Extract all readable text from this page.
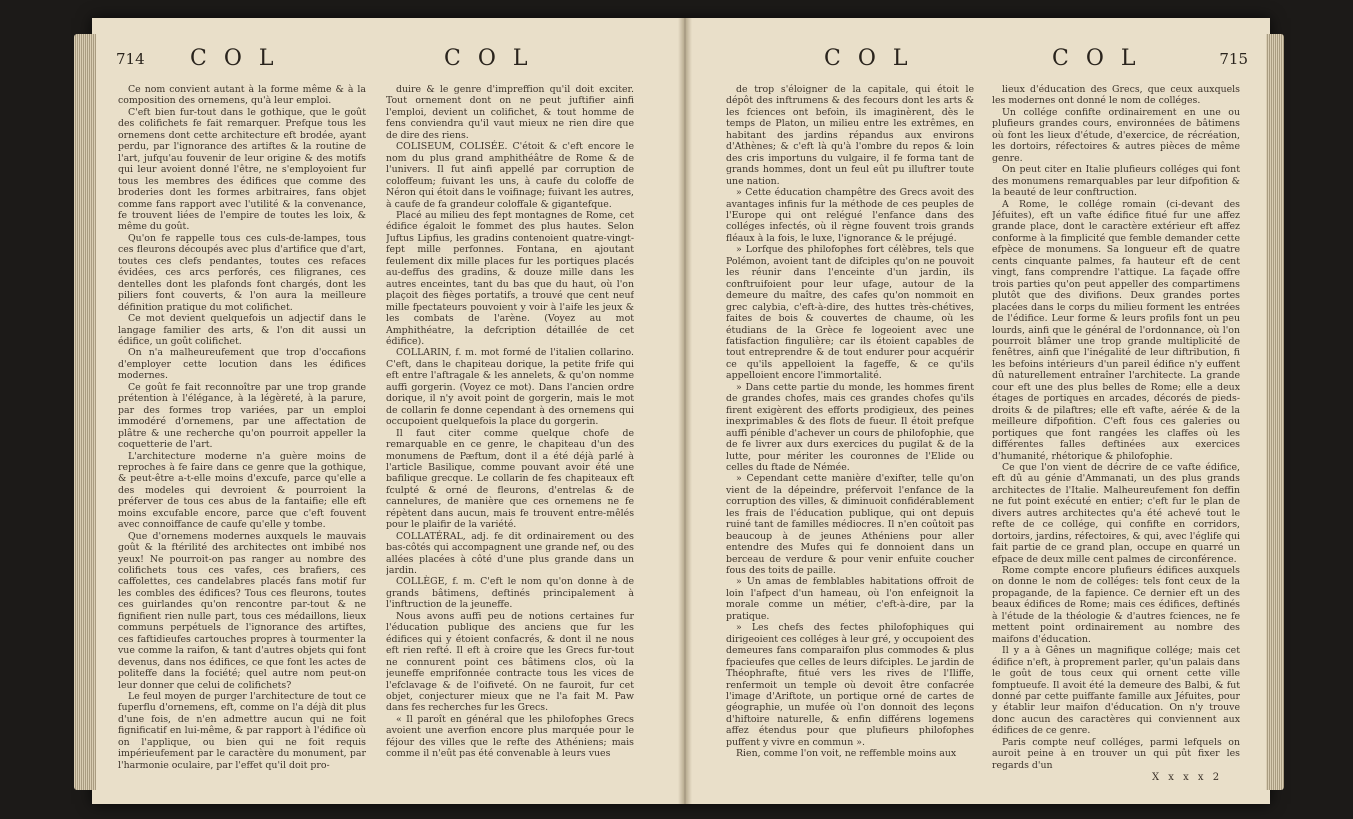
714 C O L	C O L

Ce nom convient autant à la forme même & à la composition des ornemens, qu'à leur emploi.

C'eft bien fur-tout dans le gothique, que le goût des colifichets fe fait remarquer. Prefque tous les ornemens dont cette architecture eft brodée, ayant perdu, par l'ignorance des artiftes & la routine de l'art, jufqu'au fouvenir de leur origine & des motifs qui leur avoient donné l'être, ne s'employoient fur tous les membres des édifices que comme des broderies dont les formes arbitraires, fans objet comme fans rapport avec l'utilité & la convenance, fe trouvent liées de l'empire de toutes les loix, & même du goût.

Qu'on fe rappelle tous ces culs-de-lampes, tous ces fleurons découpés avec plus d'artifice que d'art, toutes ces clefs pendantes, toutes ces refaces évidées, ces arcs perforés, ces filigranes, ces dentelles dont les plafonds font chargés, dont les piliers font couverts, & l'on aura la meilleure définition pratique du mot colifichet.

Ce mot devient quelquefois un adjectif dans le langage familier des arts, & l'on dit aussi un édifice, un goût colifichet.

On n'a malheureufement que trop d'occafions d'employer cette locution dans les édifices modernes.

Ce goût fe fait reconnoître par une trop grande prétention à l'élégance, à la légèreté, à la parure, par des formes trop variées, par un emploi immodéré d'ornemens, par une affectation de plâtre & une recherche qu'on pourroit appeller la coquetterie de l'art.

L'architecture moderne n'a guère moins de reproches à fe faire dans ce genre que la gothique, & peut-être a-t-elle moins d'excufe, parce qu'elle a des modeles qui devroient & pourroient la préferver de tous ces abus de la fantaifie; elle eft moins excufable encore, parce que c'eft fouvent avec connoiffance de caufe qu'elle y tombe.

Que d'ornemens modernes auxquels le mauvais goût & la ftérilité des architectes ont imbibé nos yeux! Ne pourroit-on pas ranger au nombre des colifichets tous ces vafes, ces brafiers, ces caffolettes, ces candelabres placés fans motif fur les combles des édifices? Tous ces fleurons, toutes ces guirlandes qu'on rencontre par-tout & ne fignifient rien nulle part, tous ces médaillons, lieux communs perpétuels de l'ignorance des artiftes, ces faftidieufes cartouches propres à tourmenter la vue comme la raifon, & tant d'autres objets qui font devenus, dans nos édifices, ce que font les actes de politeffe dans la fociété; quel autre nom peut-on leur donner que celui de colifichets?

Le feul moyen de purger l'architecture de tout ce fuperflu d'ornemens, eft, comme on l'a déjà dit plus d'une fois, de n'en admettre aucun qui ne foit fignificatif en lui-même, & par rapport à l'édifice où on l'applique, ou bien qui ne foit requis impérieufement par le caractère du monument, par l'harmonie oculaire, par l'effet qu'il doit pro-

duire & le genre d'impreffion qu'il doit exciter. Tout ornement dont on ne peut juftifier ainfi l'emploi, devient un colifichet, & tout homme de fens conviendra qu'il vaut mieux ne rien dire que de dire des riens.

COLISEUM, COLISÉE. C'étoit & c'eft encore le nom du plus grand amphithéâtre de Rome & de l'univers. Il fut ainfi appellé par corruption de coloffeum; fuivant les uns, à caufe du coloffe de Néron qui étoit dans le voifinage; fuivant les autres, à caufe de fa grandeur coloffale & gigantefque.

Placé au milieu des fept montagnes de Rome, cet édifice égaloit le fommet des plus hautes. Selon Juftus Lipfius, les gradins contenoient quatre-vingt-fept mille perfonnes. Fontana, en ajoutant feulement dix mille places fur les portiques placés au-deffus des gradins, & douze mille dans les autres enceintes, tant du bas que du haut, où l'on plaçoit des fièges portatifs, a trouvé que cent neuf mille fpectateurs pouvoient y voir à l'aife les jeux & les combats de l'arène. (Voyez au mot Amphithéatre, la defcription détaillée de cet édifice).

COLLARIN, f. m. mot formé de l'italien collarino. C'eft, dans le chapiteau dorique, la petite frife qui eft entre l'aftragale & les annelets, & qu'on nomme auffi gorgerin. (Voyez ce mot). Dans l'ancien ordre dorique, il n'y avoit point de gorgerin, mais le mot de collarin fe donne cependant à des ornemens qui occupoient quelquefois la place du gorgerin.

Il faut citer comme quelque chofe de remarquable en ce genre, le chapiteau d'un des monumens de Pæftum, dont il a été déjà parlé à l'article Basilique, comme pouvant avoir été une bafilique grecque. Le collarin de fes chapiteaux eft fculpté & orné de fleurons, d'entrelas & de cannelures, de manière que ces ornemens ne fe répètent dans aucun, mais fe trouvent entre-mêlés pour le plaifir de la variété.

COLLATÉRAL, adj. fe dit ordinairement ou des bas-côtés qui accompagnent une grande nef, ou des allées placées à côté d'une plus grande dans un jardin.

COLLÈGE, f. m. C'eft le nom qu'on donne à de grands bâtimens, deftinés principalement à l'inftruction de la jeuneffe.

Nous avons auffi peu de notions certaines fur l'éducation publique des anciens que fur les édifices qui y étoient confacrés, & dont il ne nous eft rien refté. Il eft à croire que les Grecs fur-tout ne connurent point ces bâtimens clos, où la jeuneffe emprifonnée contracte tous les vices de l'efclavage & de l'oifiveté. On ne fauroit, fur cet objet, conjecturer mieux que ne l'a fait M. Paw dans fes recherches fur les Grecs.

« Il paroît en général que les philofophes Grecs avoient une averfion encore plus marquée pour le féjour des villes que le refte des Athéniens; mais comme il n'eût pas été convenable à leurs vues

C O L	C O L	715

de trop s'éloigner de la capitale, qui étoit le dépôt des inftrumens & des fecours dont les arts & les fciences ont befoin, ils imaginèrent, dès le temps de Platon, un milieu entre les extrêmes, en habitant des jardins répandus aux environs d'Athènes; & c'eft là qu'à l'ombre du repos & loin des cris importuns du vulgaire, il fe forma tant de grands hommes, dont un feul eût pu illuftrer toute une nation.

» Cette éducation champêtre des Grecs avoit des avantages infinis fur la méthode de ces peuples de l'Europe qui ont relégué l'enfance dans des colléges infectés, où il règne fouvent trois grands fléaux à la fois, le luxe, l'ignorance & le préjugé.

» Lorfque des philofophes fort célèbres, tels que Polémon, avoient tant de difciples qu'on ne pouvoit les réunir dans l'enceinte d'un jardin, ils conftruifoient pour leur ufage, autour de la demeure du maître, des cafes qu'on nommoit en grec calybia, c'eft-à-dire, des huttes très-chétives, faites de bois & couvertes de chaume, où les étudians de la Grèce fe logeoient avec une fatisfaction fingulière; car ils étoient capables de tout entreprendre & de tout endurer pour acquérir ce qu'ils appelloient la fageffe, & ce qu'ils appelloient encore l'immortalité.

» Dans cette partie du monde, les hommes firent de grandes chofes, mais ces grandes chofes qu'ils firent exigèrent des efforts prodigieux, des peines inexprimables & des flots de fueur. Il étoit prefque auffi pénible d'achever un cours de philofophie, que de fe livrer aux durs exercices du pugilat & de la lutte, pour mériter les couronnes de l'Elide ou celles du ftade de Némée.

» Cependant cette manière d'exifter, telle qu'on vient de la dépeindre, préfervoit l'enfance de la corruption des villes, & diminuoit confidérablement les frais de l'éducation publique, qui ont depuis ruiné tant de familles médiocres. Il n'en coûtoit pas beaucoup à de jeunes Athéniens pour aller entendre des Mufes qui fe donnoient dans un berceau de verdure & pour venir enfuite coucher fous des toits de paille.

» Un amas de femblables habitations offroit de loin l'afpect d'un hameau, où l'on enfeignoit la morale comme un métier, c'eft-à-dire, par la pratique.

» Les chefs des fectes philofophiques qui dirigeoient ces colléges à leur gré, y occupoient des demeures fans comparaifon plus commodes & plus fpacieufes que celles de leurs difciples. Le jardin de Théophrafte, fitué vers les rives de l'Iliffe, renfermoit un temple où devoit être confacrée l'image d'Ariftote, un portique orné de cartes de géographie, un mufée où l'on donnoit des leçons d'hiftoire naturelle, & enfin différens logemens affez étendus pour que plufieurs philofophes puffent y vivre en commun ».

Rien, comme l'on voit, ne reffemble moins aux

lieux d'éducation des Grecs, que ceux auxquels les modernes ont donné le nom de colléges.

Un collége confifte ordinairement en une ou plufieurs grandes cours, environnées de bâtimens où font les lieux d'étude, d'exercice, de récréation, les dortoirs, réfectoires & autres pièces de même genre.

On peut citer en Italie plufieurs colléges qui font des monumens remarquables par leur difpofition & la beauté de leur conftruction.

A Rome, le collége romain (ci-devant des Jéfuites), eft un vafte édifice fitué fur une affez grande place, dont le caractère extérieur eft affez conforme à la fimplicité que femble demander cette efpèce de monumens. Sa longueur eft de quatre cents cinquante palmes, fa hauteur eft de cent vingt, fans comprendre l'attique. La façade offre trois parties qu'on peut appeller des compartimens plutôt que des divifions. Deux grandes portes placées dans le corps du milieu forment les entrées de l'édifice. Leur forme & leurs profils font un peu lourds, ainfi que le général de l'ordonnance, où l'on pourroit blâmer une trop grande multiplicité de fenêtres, ainfi que l'inégalité de leur diftribution, fi les befoins intérieurs d'un pareil édifice n'y euffent dû naturellement entraîner l'architecte. La grande cour eft une des plus belles de Rome; elle a deux étages de portiques en arcades, décorés de pieds-droits & de pilaftres; elle eft vafte, aérée & de la meilleure difpofition. C'eft fous ces galeries ou portiques que font rangées les claffes où les différentes falles deftinées aux exercices d'humanité, rhétorique & philofophie.

Ce que l'on vient de décrire de ce vafte édifice, eft dû au génie d'Ammanati, un des plus grands architectes de l'Italie. Malheureufement fon deffin ne fut point exécuté en entier; c'eft fur le plan de divers autres architectes qu'a été achevé tout le refte de ce collége, qui confifte en corridors, dortoirs, jardins, réfectoires, & qui, avec l'églife qui fait partie de ce grand plan, occupe en quarré un efpace de deux mille cent palmes de circonférence.

Rome compte encore plufieurs édifices auxquels on donne le nom de colléges: tels font ceux de la propagande, de la fapience. Ce dernier eft un des beaux édifices de Rome; mais ces édifices, deftinés à l'étude de la théologie & d'autres fciences, ne fe mettent point ordinairement au nombre des maifons d'éducation.

Il y a à Gênes un magnifique collége; mais cet édifice n'eft, à proprement parler, qu'un palais dans le goût de tous ceux qui ornent cette ville fomptueufe. Il avoit été la demeure des Balbi, & fut donné par cette puiffante famille aux Jéfuites, pour y établir leur maifon d'éducation. On n'y trouve donc aucun des caractères qui conviennent aux édifices de ce genre.

Paris compte neuf colléges, parmi lefquels on auroit peine à en trouver un qui pût fixer les regards d'un

X x x x 2
